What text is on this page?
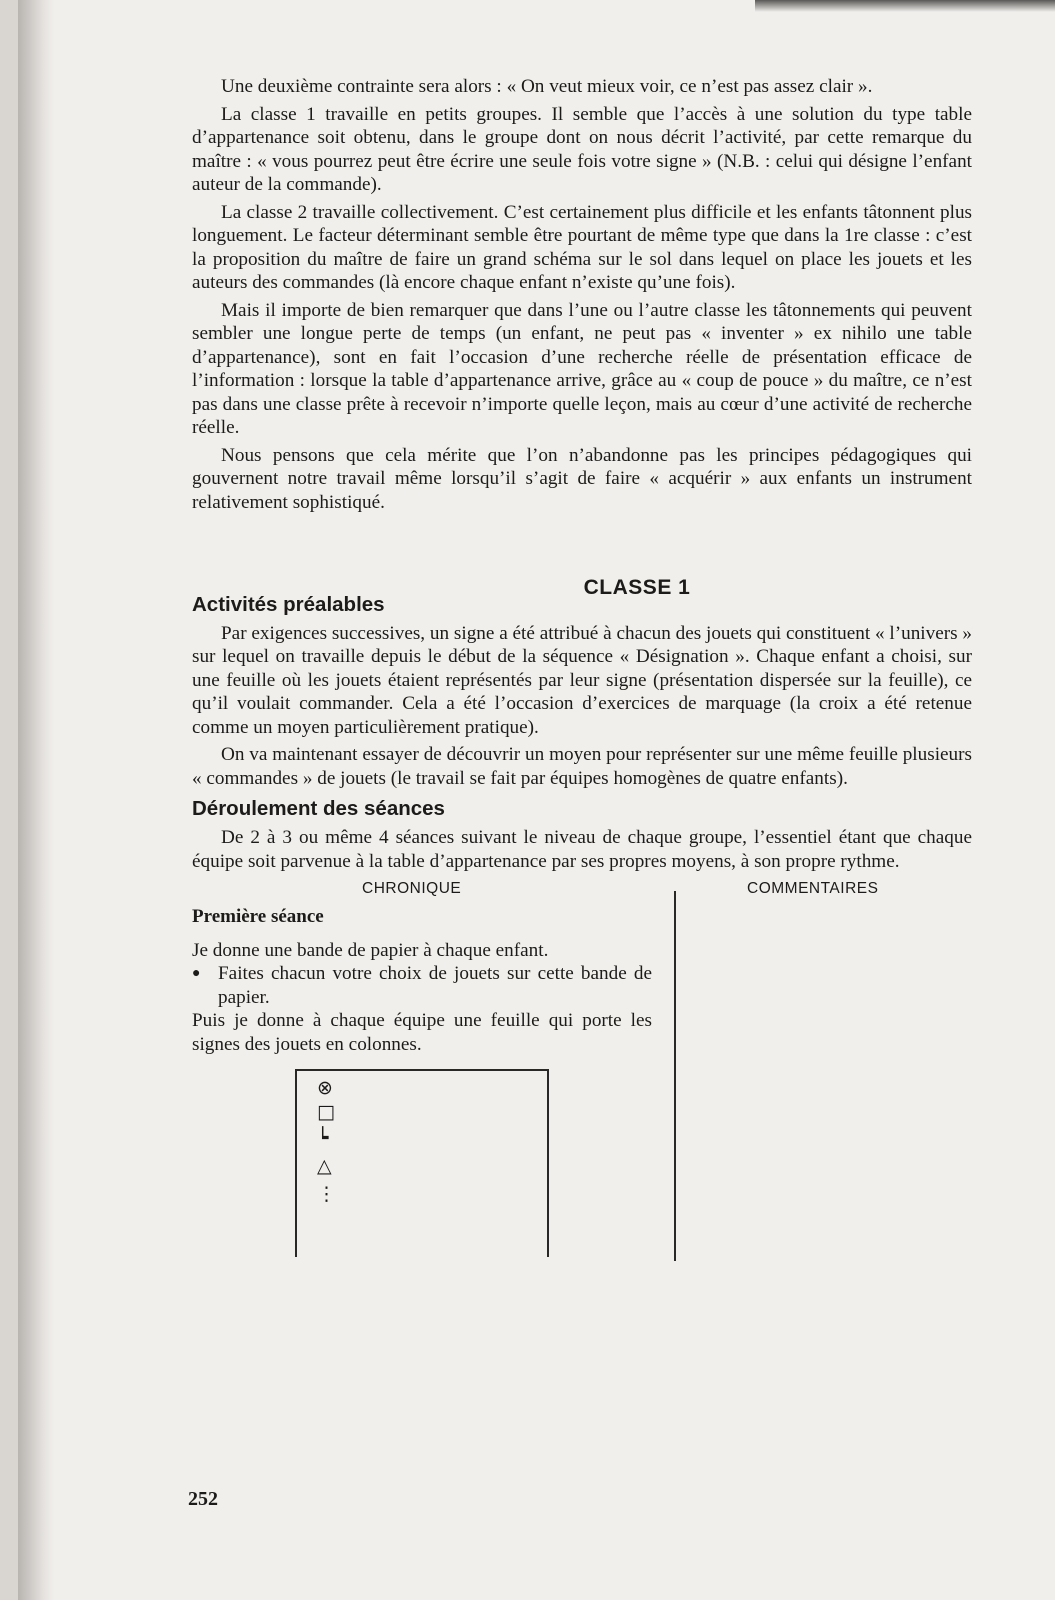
Une deuxième contrainte sera alors : « On veut mieux voir, ce n’est pas assez clair ».

La classe 1 travaille en petits groupes. Il semble que l’accès à une solution du type table d’appartenance soit obtenu, dans le groupe dont on nous décrit l’activité, par cette remarque du maître : « vous pourrez peut être écrire une seule fois votre signe » (N.B. : celui qui désigne l’enfant auteur de la commande).

La classe 2 travaille collectivement. C’est certainement plus difficile et les enfants tâtonnent plus longuement. Le facteur déterminant semble être pourtant de même type que dans la 1re classe : c’est la proposition du maître de faire un grand schéma sur le sol dans lequel on place les jouets et les auteurs des commandes (là encore chaque enfant n’existe qu’une fois).

Mais il importe de bien remarquer que dans l’une ou l’autre classe les tâtonnements qui peuvent sembler une longue perte de temps (un enfant, ne peut pas « inventer » ex nihilo une table d’appartenance), sont en fait l’occasion d’une recherche réelle de présentation efficace de l’information : lorsque la table d’appartenance arrive, grâce au « coup de pouce » du maître, ce n’est pas dans une classe prête à recevoir n’importe quelle leçon, mais au cœur d’une activité de recherche réelle.

Nous pensons que cela mérite que l’on n’abandonne pas les principes pédagogiques qui gouvernent notre travail même lorsqu’il s’agit de faire « acquérir » aux enfants un instrument relativement sophistiqué.

CLASSE 1
Activités préalables

Par exigences successives, un signe a été attribué à chacun des jouets qui constituent « l’univers » sur lequel on travaille depuis le début de la séquence « Désignation ». Chaque enfant a choisi, sur une feuille où les jouets étaient représentés par leur signe (présentation dispersée sur la feuille), ce qu’il voulait commander. Cela a été l’occasion d’exercices de marquage (la croix a été retenue comme un moyen particulièrement pratique).

On va maintenant essayer de découvrir un moyen pour représenter sur une même feuille plusieurs « commandes » de jouets (le travail se fait par équipes homogènes de quatre enfants).

Déroulement des séances

De 2 à 3 ou même 4 séances suivant le niveau de chaque groupe, l’essentiel étant que chaque équipe soit parvenue à la table d’appartenance par ses propres moyens, à son propre rythme.

CHRONIQUE	COMMENTAIRES
Première séance
Je donne une bande de papier à chaque enfant.
● Faites chacun votre choix de jouets sur cette bande de papier.
Puis je donne à chaque équipe une feuille qui porte les signes des jouets en colonnes.
⊗
□
┕
△
⋮
252
